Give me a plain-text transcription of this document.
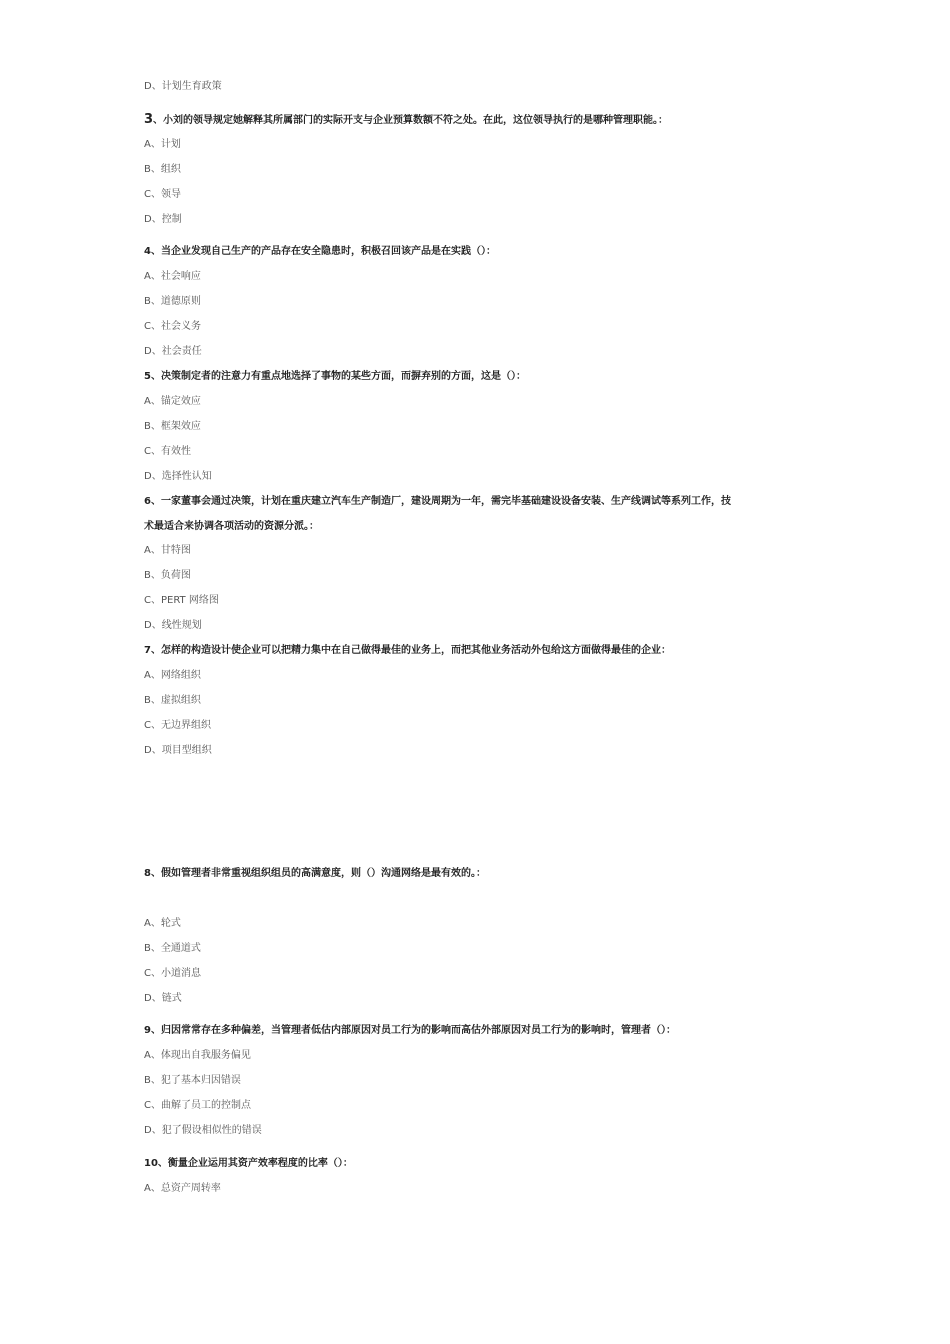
D、计划生育政策
3、小刘的领导规定她解释其所属部门的实际开支与企业预算数额不符之处。在此，这位领导执行的是哪种管理职能。：
A、计划
B、组织
C、领导
D、控制
4、当企业发现自己生产的产品存在安全隐患时，积极召回该产品是在实践（）：
A、社会响应
B、道德原则
C、社会义务
D、社会责任
5、决策制定者的注意力有重点地选择了事物的某些方面，而摒弃别的方面，这是（）：
A、锚定效应
B、框架效应
C、有效性
D、选择性认知
6、一家董事会通过决策，计划在重庆建立汽车生产制造厂，建设周期为一年，需完毕基础建设设备安装、生产线调试等系列工作，技
术最适合来协调各项活动的资源分派。：
A、甘特图
B、负荷图
C、PERT 网络图
D、线性规划
7、怎样的构造设计使企业可以把精力集中在自己做得最佳的业务上，而把其他业务活动外包给这方面做得最佳的企业：
A、网络组织
B、虚拟组织
C、无边界组织
D、项目型组织
8、假如管理者非常重视组织组员的高满意度，则（）沟通网络是最有效的。：
A、轮式
B、全通道式
C、小道消息
D、链式
9、归因常常存在多种偏差，当管理者低估内部原因对员工行为的影响而高估外部原因对员工行为的影响时，管理者（）：
A、体现出自我服务偏见
B、犯了基本归因错误
C、曲解了员工的控制点
D、犯了假设相似性的错误
10、衡量企业运用其资产效率程度的比率（）：
A、总资产周转率
